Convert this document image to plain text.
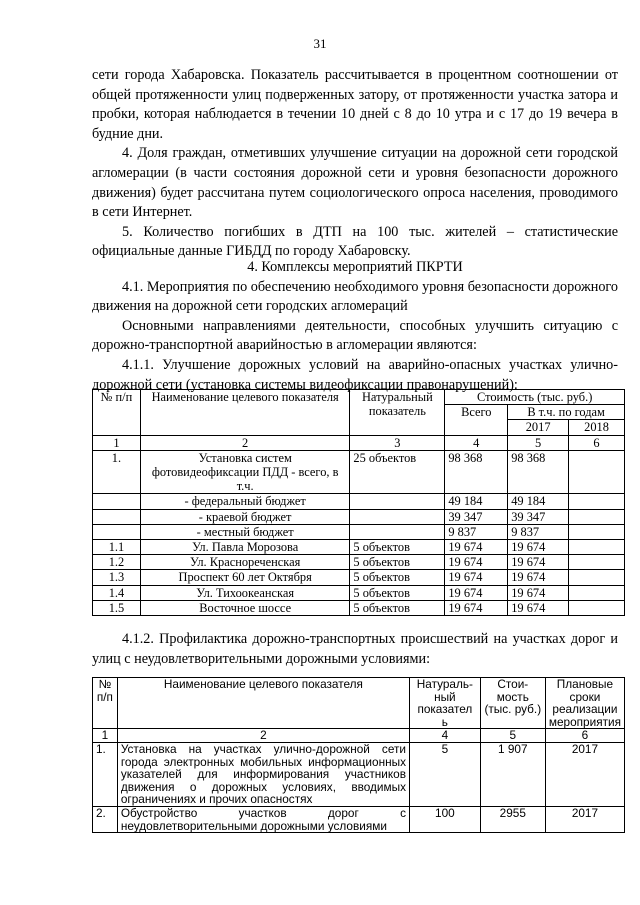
31

сети города Хабаровска. Показатель рассчитывается в процентном соотношении от общей протяженности улиц подверженных затору, от протяженности участка затора и пробки, которая наблюдается в течении 10 дней с 8 до 10 утра и с 17 до 19 вечера в будние дни.

4. Доля граждан, отметивших улучшение ситуации на дорожной сети городской агломерации (в части состояния дорожной сети и уровня безопасности дорожного движения) будет рассчитана путем социологического опроса населения, проводимого в сети Интернет.

5. Количество погибших в ДТП на 100 тыс. жителей – статистические официальные данные ГИБДД по городу Хабаровску.

4. Комплексы мероприятий ПКРТИ

4.1. Мероприятия по обеспечению необходимого уровня безопасности дорожного движения на дорожной сети городских агломераций

Основными направлениями деятельности, способных улучшить ситуацию с дорожно-транспортной аварийностью в агломерации являются:

4.1.1. Улучшение дорожных условий на аварийно-опасных участках улично-дорожной сети (установка системы видеофиксации правонарушений):

№ п/п	Наименование целевого показателя	Натуральный показатель	Стоимость (тыс. руб.)		
			Всего	В т.ч. по годам	
				2017	2018
1	2	3	4	5	6
1.	Установка систем фотовидеофиксации ПДД - всего, в т.ч.	25 объектов	98 368	98 368	
	- федеральный бюджет		49 184	49 184	
	- краевой бюджет		39 347	39 347	
	- местный бюджет		9 837	9 837	
1.1	Ул. Павла Морозова	5 объектов	19 674	19 674	
1.2	Ул. Краснореченская	5 объектов	19 674	19 674	
1.3	Проспект 60 лет Октября	5 объектов	19 674	19 674	
1.4	Ул. Тихоокеанская	5 объектов	19 674	19 674	
1.5	Восточное шоссе	5 объектов	19 674	19 674	

4.1.2. Профилактика дорожно-транспортных происшествий на участках дорог и улиц с неудовлетворительными дорожными условиями:

№ п/п	Наименование целевого показателя	Натураль-ный показател ь	Стои-мость (тыс. руб.)	Плановые сроки реализации мероприятия
1	2	4	5	6
1.	Установка на участках улично-дорожной сети города электронных мобильных информационных указателей для информирования участников движения о дорожных условиях, вводимых ограничениях и прочих опасностях	5	1 907	2017
2.	Обустройство участков дорог с неудовлетворительными дорожными условиями	100	2955	2017
